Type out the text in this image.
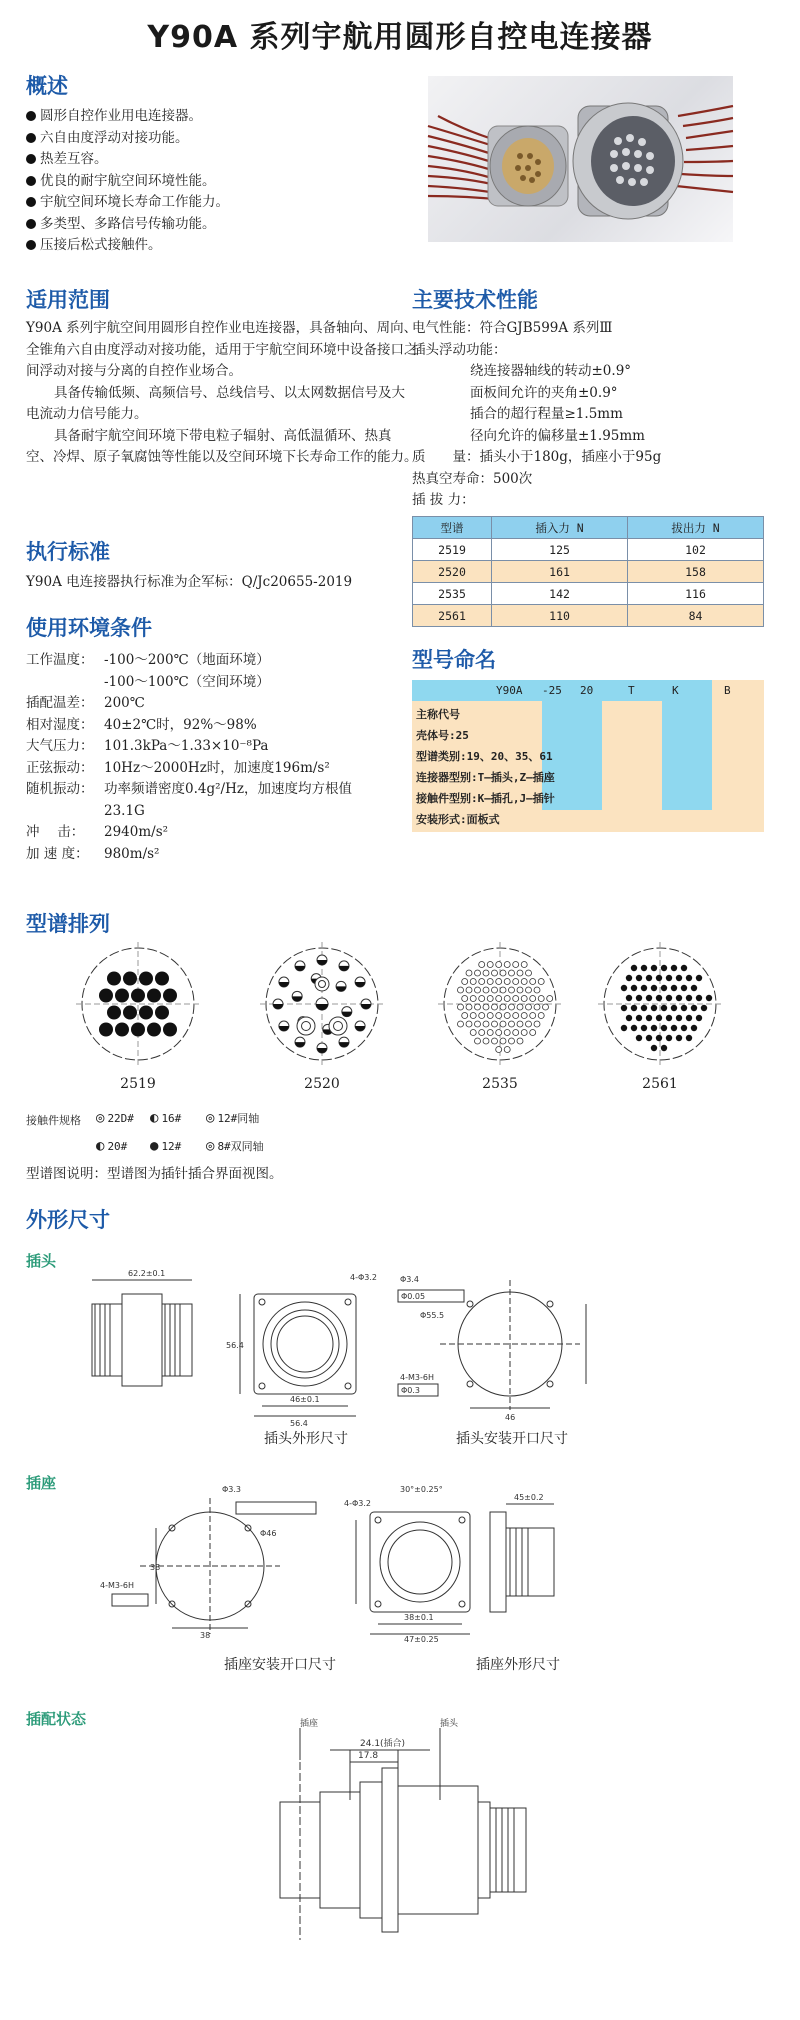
Y90A 系列宇航用圆形自控电连接器
概述
圆形自控作业用电连接器。
六自由度浮动对接功能。
热差互容。
优良的耐宇航空间环境性能。
宇航空间环境长寿命工作能力。
多类型、多路信号传输功能。
压接后松式接触件。
适用范围

Y90A 系列宇航空间用圆形自控作业电连接器，具备轴向、周向、全锥角六自由度浮动对接功能，适用于宇航空间环境中设备接口之间浮动对接与分离的自控作业场合。

具备传输低频、高频信号、总线信号、以太网数据信号及大电流动力信号能力。

具备耐宇航空间环境下带电粒子辐射、高低温循环、热真空、冷焊、原子氧腐蚀等性能以及空间环境下长寿命工作的能力。

执行标准
Y90A 电连接器执行标准为企军标：Q/Jc20655-2019
使用环境条件
工作温度： -100～200℃（地面环境）
-100～100℃（空间环境）
插配温差： 200℃
相对湿度： 40±2℃时，92%～98%
大气压力： 101.3kPa～1.33×10⁻⁸Pa
正弦振动： 10Hz～2000Hz时，加速度196m/s²
随机振动： 功率频谱密度0.4g²/Hz，加速度均方根值
23.1G
冲　 击：	2940m/s²
加 速 度：	980m/s²
主要技术性能
电气性能：符合GJB599A 系列Ⅲ
插头浮动功能：
绕连接器轴线的转动±0.9°
面板间允许的夹角±0.9°
插合的超行程量≥1.5mm
径向允许的偏移量±1.95mm
质　　量：插头小于180g，插座小于95g
热真空寿命：500次
插 拔 力：
型谱	插入力 N	拔出力 N
2519	125	102
2520	161	158
2535	142	116
2561	110	84
型号命名
Y90A -25 20	T	K	B
主称代号
壳体号:25
型谱类别:19、20、35、61
连接器型别:T—插头,Z—插座
接触件型别:K—插孔,J—插针
安装形式:面板式
型谱排列
2519	2520	2535	2561
接触件规格 ◎ 22D# ◐ 16# ◎ 12#同轴
◐ 20# ● 12# ◎ 8#双同轴
型谱图说明：型谱图为插针插合界面视图。
外形尺寸
插头
62.2±0.1
56.4
46±0.1
56.4
4-Φ3.2	Φ3.4
Φ0.05
Φ55.5
4-M3-6H
Φ0.3
46
插头外形尺寸	插头安装开口尺寸
插座	Φ3.3
38
38
Φ46
4-M3-6H
30°±0.25°
4-Φ3.2
38±0.1
47±0.25
45±0.2
插座安装开口尺寸	插座外形尺寸
插配状态
24.1(插合)
17.8
插座	插头
